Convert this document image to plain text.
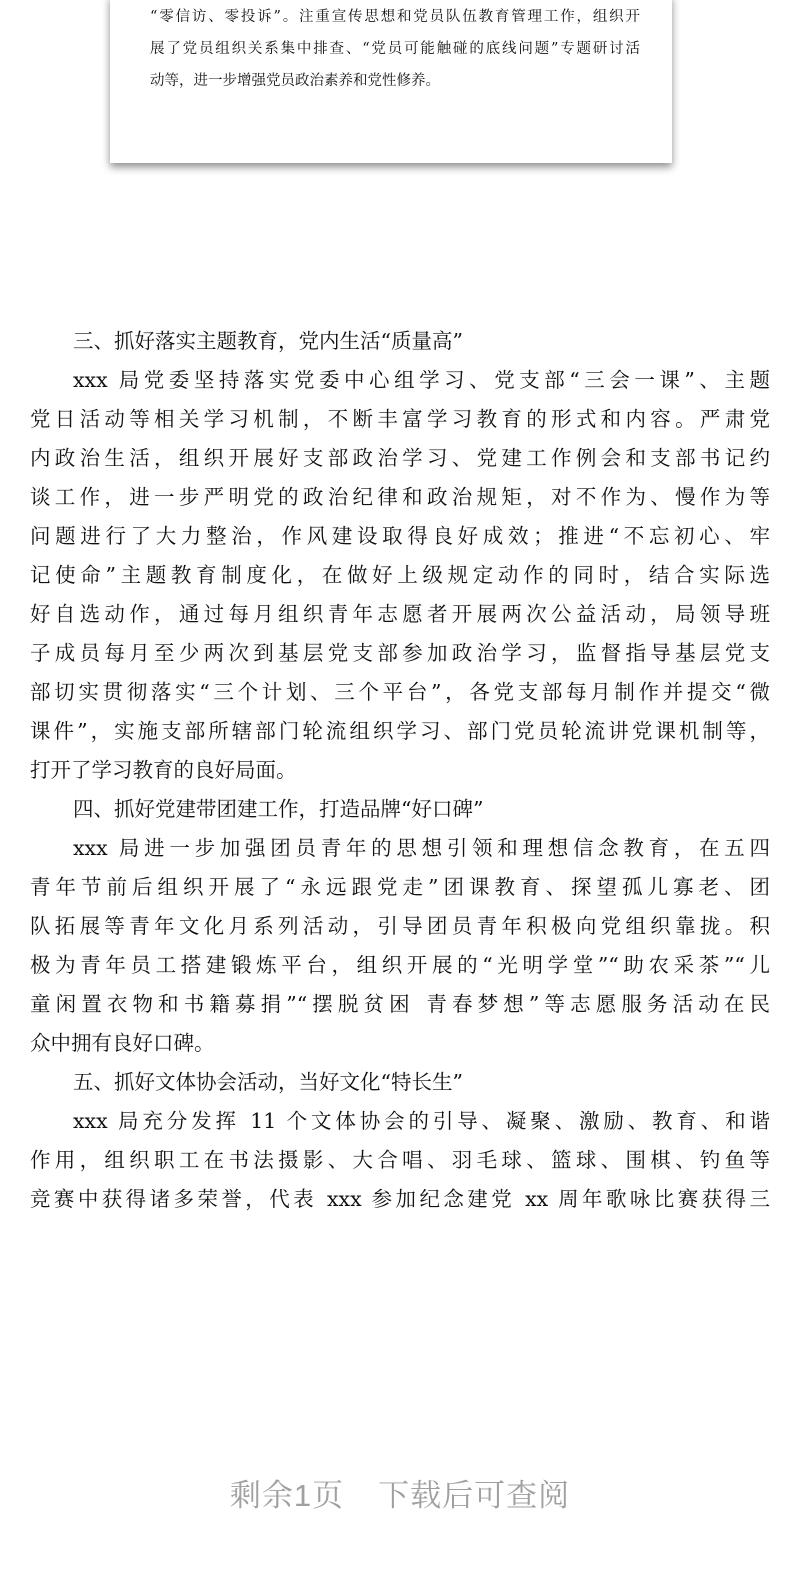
“零信访、零投诉”。注重宣传思想和党员队伍教育管理工作，组织开
展了党员组织关系集中排查、“党员可能触碰的底线问题”专题研讨活
动等，进一步增强党员政治素养和党性修养。
三、抓好落实主题教育，党内生活“质量高”
xxx 局党委坚持落实党委中心组学习、党支部“三会一课”、主题
党日活动等相关学习机制，不断丰富学习教育的形式和内容。严肃党
内政治生活，组织开展好支部政治学习、党建工作例会和支部书记约
谈工作，进一步严明党的政治纪律和政治规矩，对不作为、慢作为等
问题进行了大力整治，作风建设取得良好成效；推进“不忘初心、牢
记使命”主题教育制度化，在做好上级规定动作的同时，结合实际选
好自选动作，通过每月组织青年志愿者开展两次公益活动，局领导班
子成员每月至少两次到基层党支部参加政治学习，监督指导基层党支
部切实贯彻落实“三个计划、三个平台”，各党支部每月制作并提交“微
课件”，实施支部所辖部门轮流组织学习、部门党员轮流讲党课机制等，
打开了学习教育的良好局面。
四、抓好党建带团建工作，打造品牌“好口碑”
xxx 局进一步加强团员青年的思想引领和理想信念教育，在五四
青年节前后组织开展了“永远跟党走”团课教育、探望孤儿寡老、团
队拓展等青年文化月系列活动，引导团员青年积极向党组织靠拢。积
极为青年员工搭建锻炼平台，组织开展的“光明学堂”“助农采茶”“儿
童闲置衣物和书籍募捐”“摆脱贫困 青春梦想”等志愿服务活动在民
众中拥有良好口碑。
五、抓好文体协会活动，当好文化“特长生”
xxx 局充分发挥 11 个文体协会的引导、凝聚、激励、教育、和谐
作用，组织职工在书法摄影、大合唱、羽毛球、篮球、围棋、钓鱼等
竞赛中获得诸多荣誉，代表 xxx 参加纪念建党 xx 周年歌咏比赛获得三
剩余1页 下载后可查阅
